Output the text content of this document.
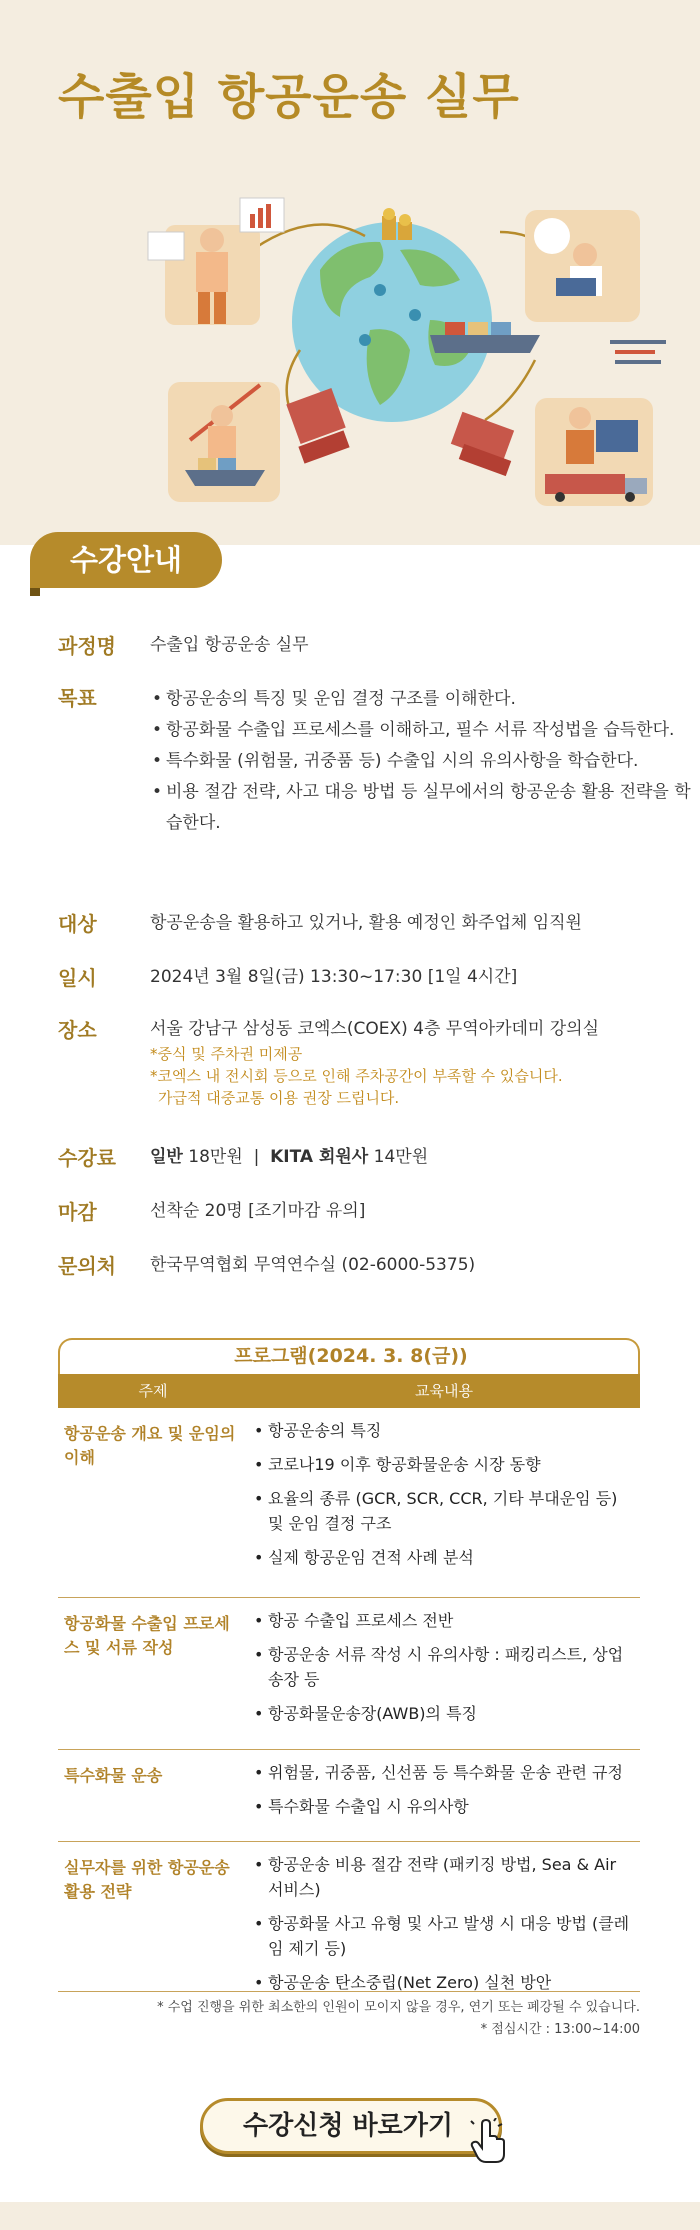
수출입 항공운송 실무
수강안내
과정명 수출입 항공운송 실무
목표	• 항공운송의 특징 및 운임 결정 구조를 이해한다.
• 항공화물 수출입 프로세스를 이해하고, 필수 서류 작성법을 습득한다.
• 특수화물 (위험물, 귀중품 등) 수출입 시의 유의사항을 학습한다.
• 비용 절감 전략, 사고 대응 방법 등 실무에서의 항공운송 활용 전략을 학습한다.
대상	항공운송을 활용하고 있거나, 활용 예정인 화주업체 임직원
일시	2024년 3월 8일(금) 13:30~17:30 [1일 4시간]
장소	서울 강남구 삼성동 코엑스(COEX) 4층 무역아카데미 강의실
*중식 및 주차권 미제공
*코엑스 내 전시회 등으로 인해 주차공간이 부족할 수 있습니다.
가급적 대중교통 이용 권장 드립니다.
수강료 일반 18만원 | KITA 회원사 14만원
마감	선착순 20명 [조기마감 유의]
문의처 한국무역협회 무역연수실 (02-6000-5375)
프로그램(2024. 3. 8(금))
주제	교육내용
항공운송 개요 및 운임의 이해
• 항공운송의 특징
• 코로나19 이후 항공화물운송 시장 동향
• 요율의 종류 (GCR, SCR, CCR, 기타 부대운임 등) 및 운임 결정 구조
• 실제 항공운임 견적 사례 분석
항공화물 수출입 프로세스 및 서류 작성
• 항공 수출입 프로세스 전반
• 항공운송 서류 작성 시 유의사항 : 패킹리스트, 상업송장 등
• 항공화물운송장(AWB)의 특징
특수화물 운송	• 위험물, 귀중품, 신선품 등 특수화물 운송 관련 규정
• 특수화물 수출입 시 유의사항
실무자를 위한 항공운송 활용 전략
• 항공운송 비용 절감 전략 (패키징 방법, Sea & Air 서비스)
• 항공화물 사고 유형 및 사고 발생 시 대응 방법 (클레임 제기 등)
• 항공운송 탄소중립(Net Zero) 실천 방안
* 수업 진행을 위한 최소한의 인원이 모이지 않을 경우, 연기 또는 폐강될 수 있습니다.
* 점심시간 : 13:00~14:00
수강신청 바로가기
